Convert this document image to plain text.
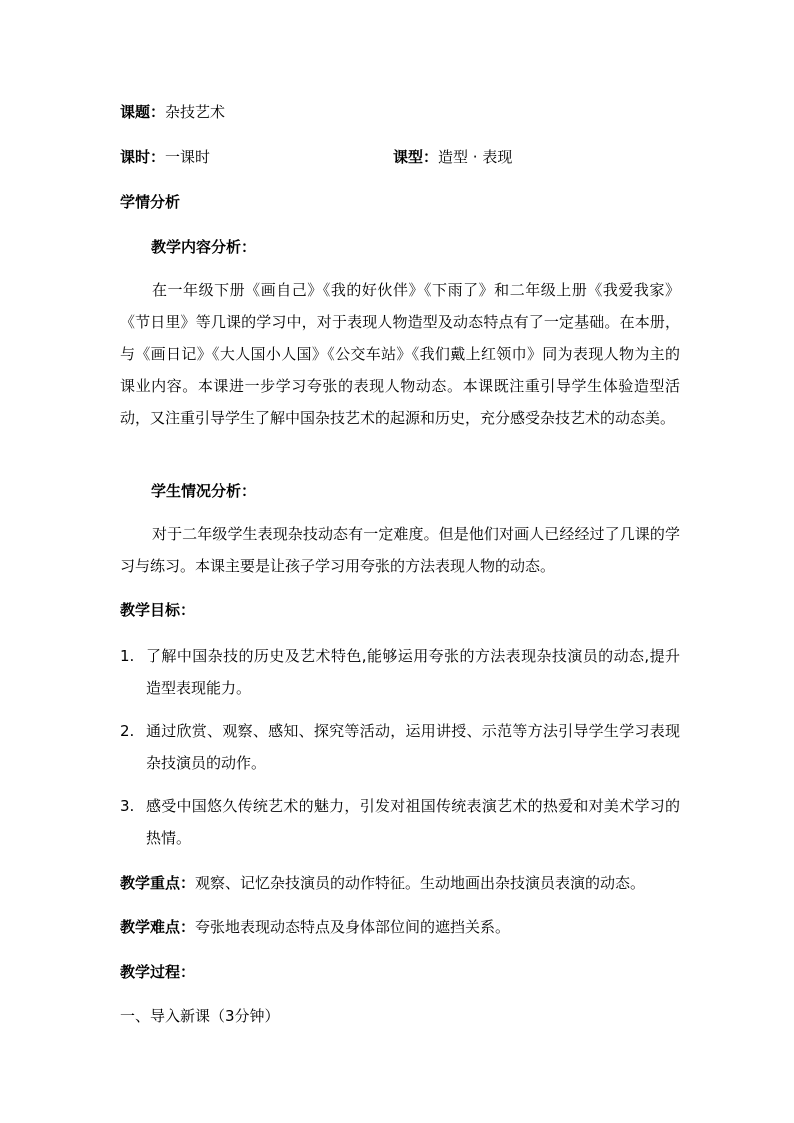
课题：杂技艺术
课时：一课时	课型：造型 · 表现
学情分析
教学内容分析：

在一年级下册《画自己》《我的好伙伴》《下雨了》和二年级上册《我爱我家》《节日里》等几课的学习中，对于表现人物造型及动态特点有了一定基础。在本册，与《画日记》《大人国小人国》《公交车站》《我们戴上红领巾》同为表现人物为主的课业内容。本课进一步学习夸张的表现人物动态。本课既注重引导学生体验造型活动，又注重引导学生了解中国杂技艺术的起源和历史，充分感受杂技艺术的动态美。

学生情况分析：

对于二年级学生表现杂技动态有一定难度。但是他们对画人已经经过了几课的学习与练习。本课主要是让孩子学习用夸张的方法表现人物的动态。

教学目标：
1. 了解中国杂技的历史及艺术特色,能够运用夸张的方法表现杂技演员的动态,提升造型表现能力。
2. 通过欣赏、观察、感知、探究等活动，运用讲授、示范等方法引导学生学习表现杂技演员的动作。
3. 感受中国悠久传统艺术的魅力，引发对祖国传统表演艺术的热爱和对美术学习的热情。
教学重点：观察、记忆杂技演员的动作特征。生动地画出杂技演员表演的动态。
教学难点：夸张地表现动态特点及身体部位间的遮挡关系。
教学过程：
一、导入新课（3分钟）
